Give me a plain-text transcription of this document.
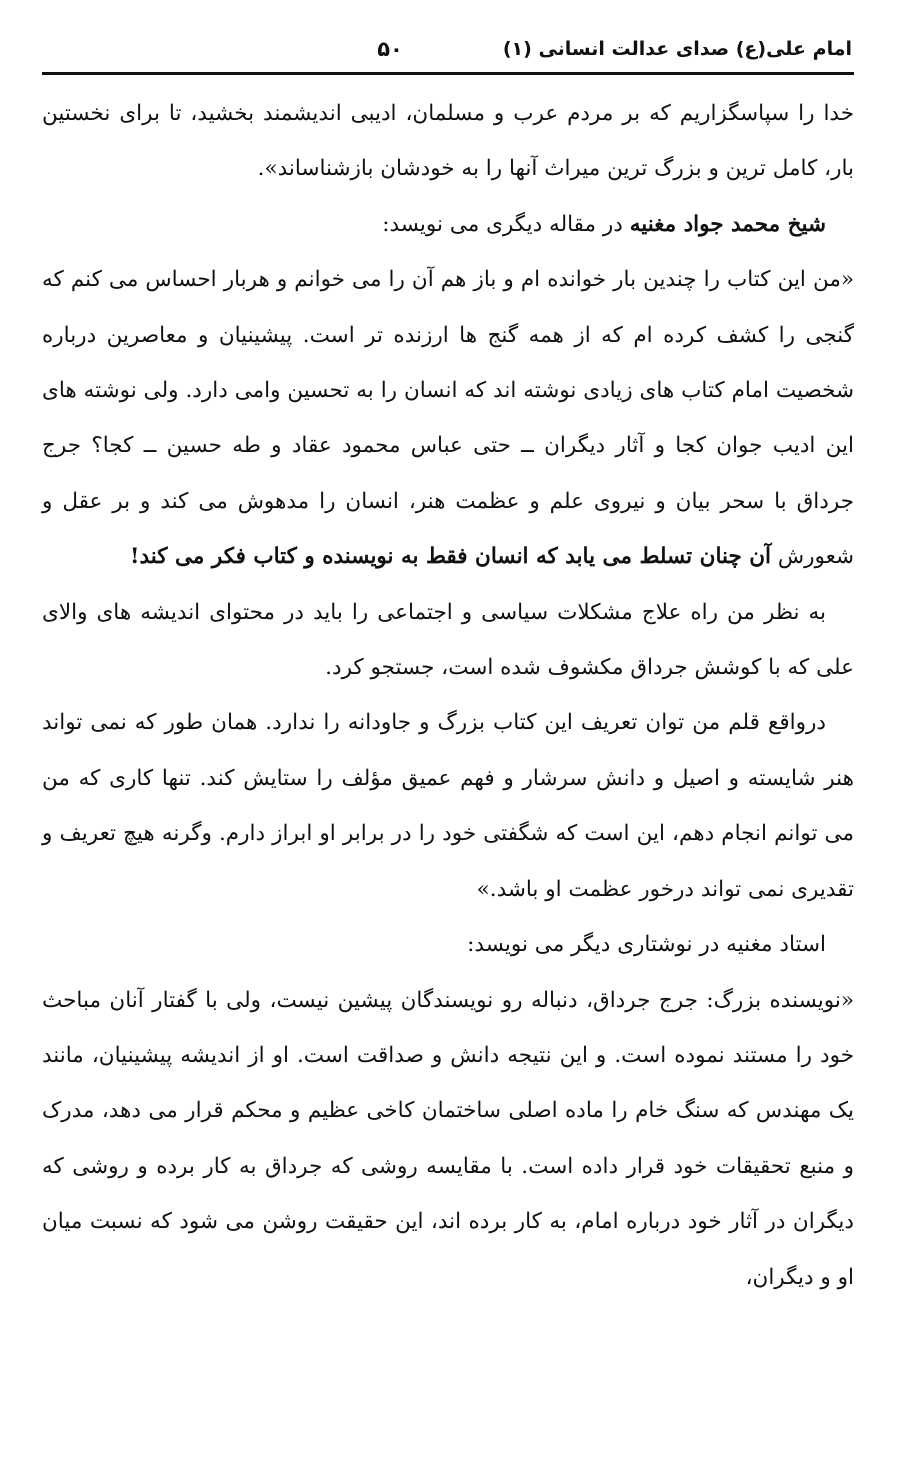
امام علی(ع) صدای عدالت انسانی (۱)
۵۰

خدا را سپاسگزاریم که بر مردم عرب و مسلمان، ادیبی اندیشمند بخشید، تا برای نخستین بار، کامل ترین و بزرگ ترین میراث آنها را به خودشان بازشناساند».

شیخ محمد جواد مغنیه در مقاله دیگری می نویسد:

«من این کتاب را چندین بار خوانده ام و باز هم آن را می خوانم و هربار احساس می کنم که گنجی را کشف کرده ام که از همه گنج ها ارزنده تر است. پیشینیان و معاصرین درباره شخصیت امام کتاب های زیادی نوشته اند که انسان را به تحسین وامی دارد. ولی نوشته های این ادیب جوان کجا و آثار دیگران ــ حتی عباس محمود عقاد و طه حسین ــ کجا؟ جرج جرداق با سحر بیان و نیروی علم و عظمت هنر، انسان را مدهوش می کند و بر عقل و شعورش آن چنان تسلط می یابد که انسان فقط به نویسنده و کتاب فکر می کند!

به نظر من راه علاج مشکلات سیاسی و اجتماعی را باید در محتوای اندیشه های والای علی که با کوشش جرداق مکشوف شده است، جستجو کرد.

درواقع قلم من توان تعریف این کتاب بزرگ و جاودانه را ندارد. همان طور که نمی تواند هنر شایسته و اصیل و دانش سرشار و فهم عمیق مؤلف را ستایش کند. تنها کاری که من می توانم انجام دهم، این است که شگفتی خود را در برابر او ابراز دارم. وگرنه هیچ تعریف و تقدیری نمی تواند درخور عظمت او باشد.»

استاد مغنیه در نوشتاری دیگر می نویسد:

«نویسنده بزرگ: جرج جرداق، دنباله رو نویسندگان پیشین نیست، ولی با گفتار آنان مباحث خود را مستند نموده است. و این نتیجه دانش و صداقت است. او از اندیشه پیشینیان، مانند یک مهندس که سنگ خام را ماده اصلی ساختمان کاخی عظیم و محکم قرار می دهد، مدرک و منبع تحقیقات خود قرار داده است. با مقایسه روشی که جرداق به کار برده و روشی که دیگران در آثار خود درباره امام، به کار برده اند، این حقیقت روشن می شود که نسبت میان او و دیگران،
